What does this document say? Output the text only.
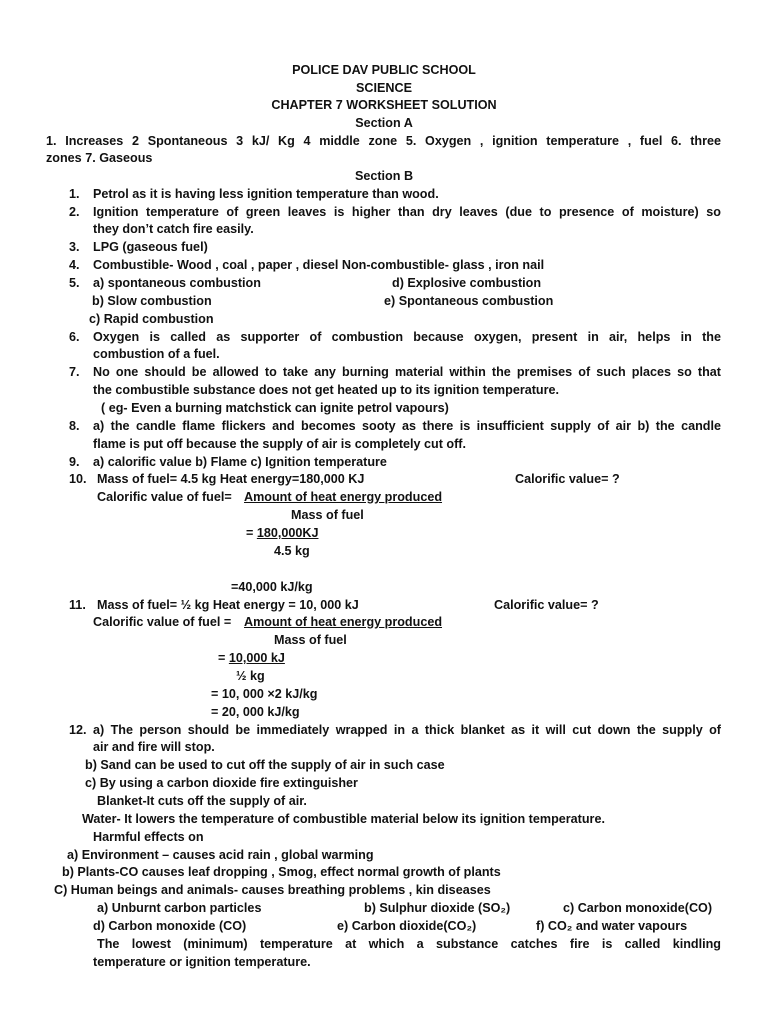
POLICE DAV PUBLIC SCHOOL
SCIENCE
CHAPTER 7 WORKSHEET SOLUTION
Section A
1. Increases 2 Spontaneous 3 kJ/ Kg 4 middle zone 5. Oxygen , ignition temperature , fuel 6. three
zones 7. Gaseous
Section B
1. Petrol as it is having less ignition temperature than wood.
2. Ignition temperature of green leaves is higher than dry leaves (due to presence of moisture) so
they don’t catch fire easily.
3. LPG (gaseous fuel)
4. Combustible- Wood , coal , paper , diesel Non-combustible- glass , iron nail
5. a) spontaneous combustion	d) Explosive combustion
b) Slow combustion	e) Spontaneous combustion
c) Rapid combustion
6. Oxygen is called as supporter of combustion because oxygen, present in air, helps in the
combustion of a fuel.
7. No one should be allowed to take any burning material within the premises of such places so that
the combustible substance does not get heated up to its ignition temperature.
( eg- Even a burning matchstick can ignite petrol vapours)
8. a) the candle flame flickers and becomes sooty as there is insufficient supply of air b) the candle
flame is put off because the supply of air is completely cut off.
9. a) calorific value b) Flame c) Ignition temperature
10. Mass of fuel= 4.5 kg Heat energy=180,000 KJ	Calorific value= ?
Calorific value of fuel= Amount of heat energy produced
Mass of fuel
= 180,000KJ
4.5 kg
=40,000 kJ/kg
11. Mass of fuel= ½ kg Heat energy = 10, 000 kJ	Calorific value= ?
Calorific value of fuel = Amount of heat energy produced
Mass of fuel
= 10,000 kJ
½ kg
= 10, 000 ×2 kJ/kg
= 20, 000 kJ/kg
12. a) The person should be immediately wrapped in a thick blanket as it will cut down the supply of
air and fire will stop.
b) Sand can be used to cut off the supply of air in such case
c) By using a carbon dioxide fire extinguisher
Blanket-It cuts off the supply of air.
Water- It lowers the temperature of combustible material below its ignition temperature.
Harmful effects on
a) Environment – causes acid rain , global warming
b) Plants-CO causes leaf dropping , Smog, effect normal growth of plants
C) Human beings and animals- causes breathing problems , kin diseases
a) Unburnt carbon particles	b) Sulphur dioxide (SO₂)	c) Carbon monoxide(CO)
d) Carbon monoxide (CO)	e) Carbon dioxide(CO₂)	f) CO₂ and water vapours
The lowest (minimum) temperature at which a substance catches fire is called kindling
temperature or ignition temperature.
